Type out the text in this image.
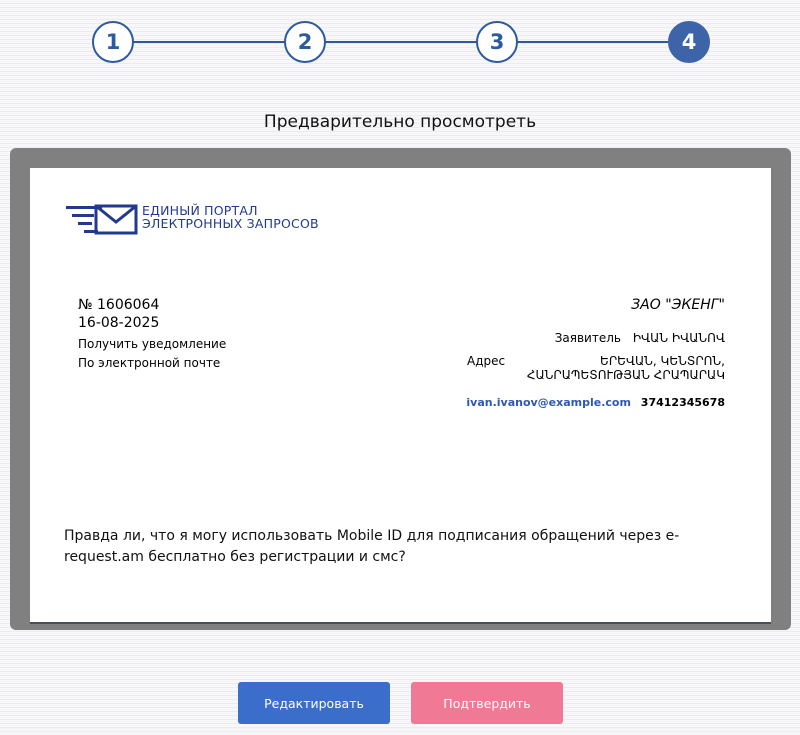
1	2	3	4
Предварительно просмотреть
ЕДИНЫЙ ПОРТАЛ
ЭЛЕКТРОННЫХ ЗАПРОСОВ
№ 1606064
16-08-2025
Получить уведомление
По электронной почте
ЗАО "ЭКЕНГ"
Заявитель ԻՎԱՆ ԻՎԱՆՈՎ
Адрес	ԵՐԵՎԱՆ, ԿԵՆՏՐՈՆ,
ՀԱՆՐԱՊԵՏՈՒԹՅԱՆ ՀՐԱՊԱՐԱԿ
ivan.ivanov@example.com 37412345678
Правда ли, что я могу использовать Mobile ID для подписания обращений через e-request.am бесплатно без регистрации и смс?
Редактировать	Подтвердить
